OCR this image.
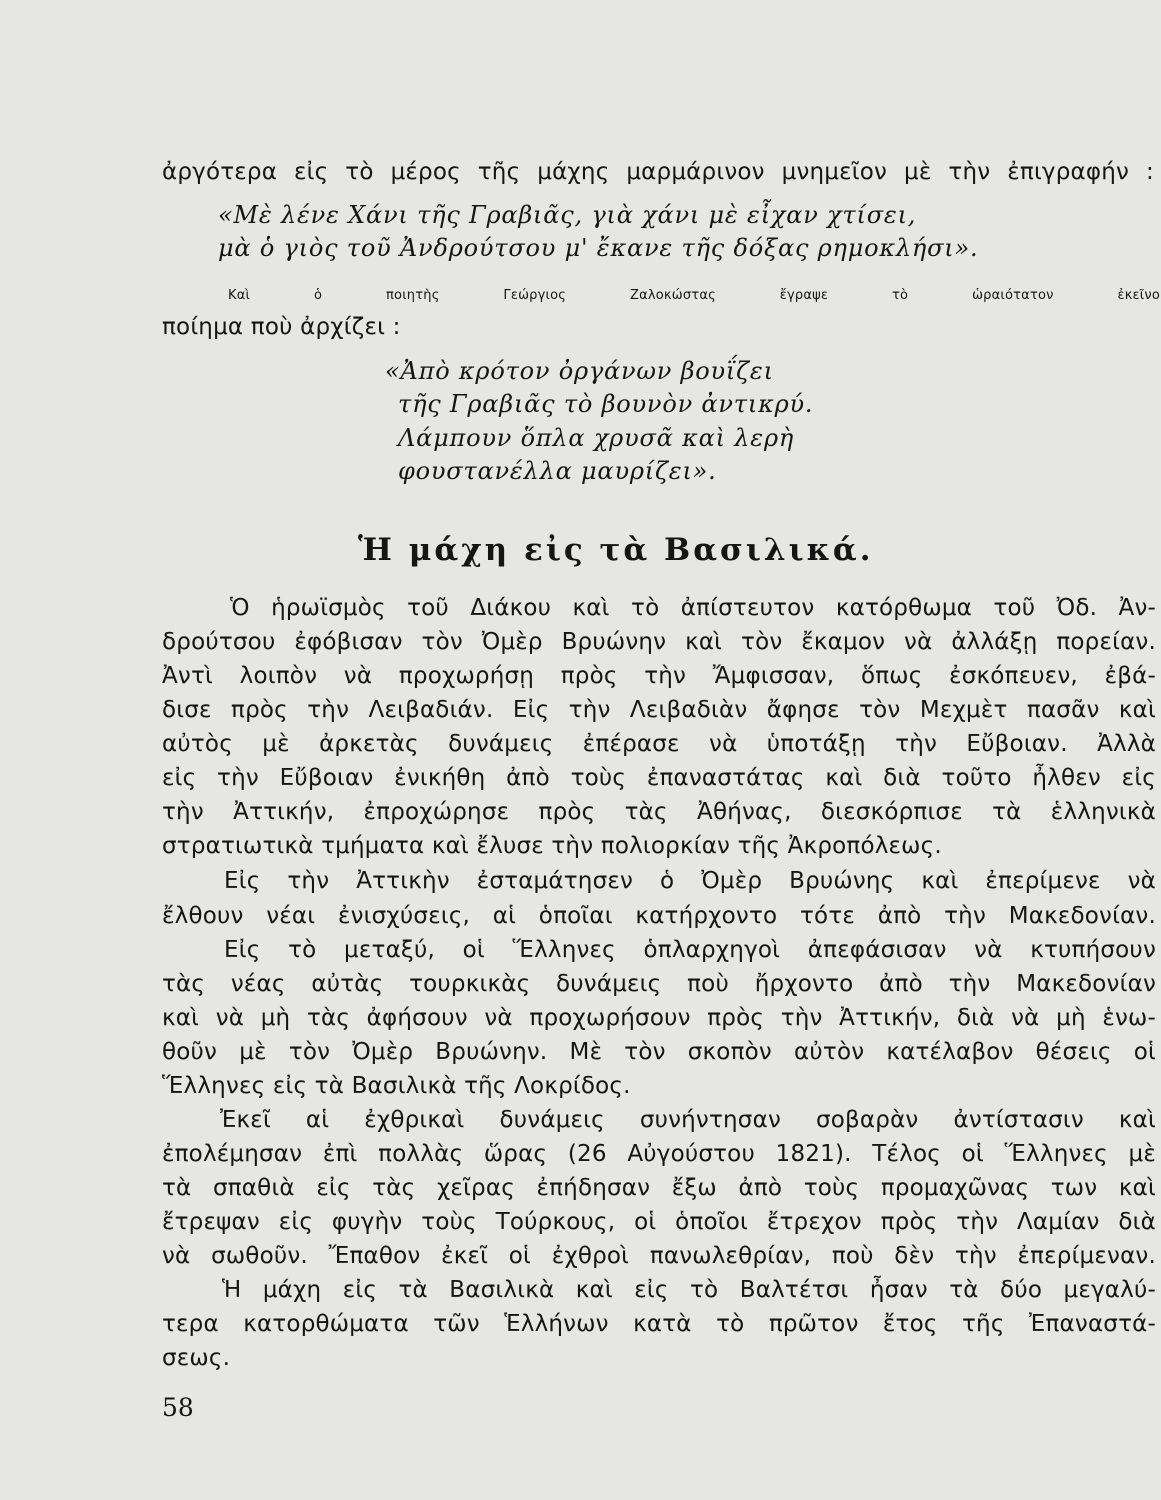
ἀργότερα εἰς τὸ μέρος τῆς μάχης μαρμάρινον μνημεῖον μὲ τὴν ἐπιγραφήν :
«Μὲ λένε Χάνι τῆς Γραβιᾶς, γιὰ χάνι μὲ εἶχαν χτίσει,
μὰ ὁ γιὸς τοῦ Ἀνδρούτσου μ' ἔκανε τῆς δόξας ρημοκλήσι».
Καὶ ὁ ποιητὴς Γεώργιος Ζαλοκώστας ἔγραψε τὸ ὡραιότατον ἐκεῖνο
ποίημα ποὺ ἀρχίζει :
«Ἀπὸ κρότον ὀργάνων βουΐζει
τῆς Γραβιᾶς τὸ βουνὸν ἀντικρύ.
Λάμπουν ὅπλα χρυσᾶ καὶ λερὴ
φουστανέλλα μαυρίζει».
Ἡ μάχη εἰς τὰ Βασιλικά.
Ὁ ἡρωϊσμὸς τοῦ Διάκου καὶ τὸ ἀπίστευτον κατόρθωμα τοῦ Ὀδ. Ἀν-
δρούτσου ἐφόβισαν τὸν Ὀμὲρ Βρυώνην καὶ τὸν ἔκαμον νὰ ἀλλάξῃ πορείαν.
Ἀντὶ λοιπὸν νὰ προχωρήσῃ πρὸς τὴν Ἄμφισσαν, ὅπως ἐσκόπευεν, ἐβά-
δισε πρὸς τὴν Λειβαδιάν. Εἰς τὴν Λειβαδιὰν ἄφησε τὸν Μεχμὲτ πασᾶν καὶ
αὐτὸς μὲ ἀρκετὰς δυνάμεις ἐπέρασε νὰ ὑποτάξῃ τὴν Εὔβοιαν. Ἀλλὰ
εἰς τὴν Εὔβοιαν ἐνικήθη ἀπὸ τοὺς ἐπαναστάτας καὶ διὰ τοῦτο ἦλθεν εἰς
τὴν Ἀττικήν, ἐπροχώρησε πρὸς τὰς Ἀθήνας, διεσκόρπισε τὰ ἑλληνικὰ
στρατιωτικὰ τμήματα καὶ ἔλυσε τὴν πολιορκίαν τῆς Ἀκροπόλεως.
Εἰς τὴν Ἀττικὴν ἐσταμάτησεν ὁ Ὀμὲρ Βρυώνης καὶ ἐπερίμενε νὰ
ἔλθουν νέαι ἐνισχύσεις, αἱ ὁποῖαι κατήρχοντο τότε ἀπὸ τὴν Μακεδονίαν.
Εἰς τὸ μεταξύ, οἱ Ἕλληνες ὁπλαρχηγοὶ ἀπεφάσισαν νὰ κτυπήσουν
τὰς νέας αὐτὰς τουρκικὰς δυνάμεις ποὺ ἤρχοντο ἀπὸ τὴν Μακεδονίαν
καὶ νὰ μὴ τὰς ἀφήσουν νὰ προχωρήσουν πρὸς τὴν Ἀττικήν, διὰ νὰ μὴ ἑνω-
θοῦν μὲ τὸν Ὀμὲρ Βρυώνην. Μὲ τὸν σκοπὸν αὐτὸν κατέλαβον θέσεις οἱ
Ἕλληνες εἰς τὰ Βασιλικὰ τῆς Λοκρίδος.
Ἐκεῖ αἱ ἐχθρικαὶ δυνάμεις συνήντησαν σοβαρὰν ἀντίστασιν καὶ
ἐπολέμησαν ἐπὶ πολλὰς ὥρας (26 Αὐγούστου 1821). Τέλος οἱ Ἕλληνες μὲ
τὰ σπαθιὰ εἰς τὰς χεῖρας ἐπήδησαν ἔξω ἀπὸ τοὺς προμαχῶνας των καὶ
ἔτρεψαν εἰς φυγὴν τοὺς Τούρκους, οἱ ὁποῖοι ἔτρεχον πρὸς τὴν Λαμίαν διὰ
νὰ σωθοῦν. Ἔπαθον ἐκεῖ οἱ ἐχθροὶ πανωλεθρίαν, ποὺ δὲν τὴν ἐπερίμεναν.
Ἡ μάχη εἰς τὰ Βασιλικὰ καὶ εἰς τὸ Βαλτέτσι ἦσαν τὰ δύο μεγαλύ-
τερα κατορθώματα τῶν Ἑλλήνων κατὰ τὸ πρῶτον ἔτος τῆς Ἐπαναστά-
σεως.
58
